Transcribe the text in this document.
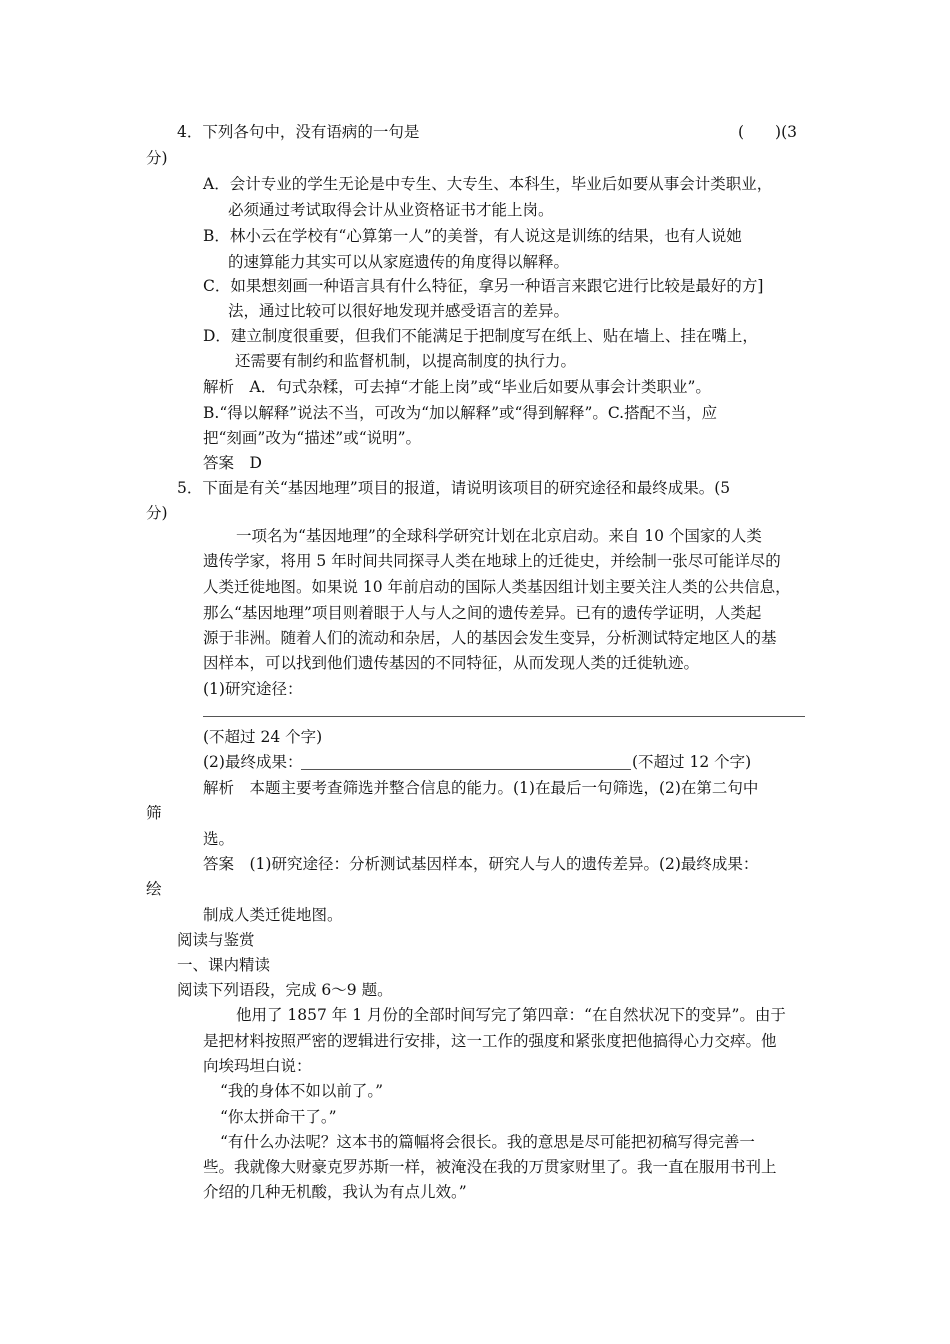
4．下列各句中，没有语病的一句是	(　　)(3
分)
A．会计专业的学生无论是中专生、大专生、本科生，毕业后如要从事会计类职业，
必须通过考试取得会计从业资格证书才能上岗。
B．林小云在学校有“心算第一人”的美誉，有人说这是训练的结果，也有人说她
的速算能力其实可以从家庭遗传的角度得以解释。
C．如果想刻画一种语言具有什么特征，拿另一种语言来跟它进行比较是最好的方]
法，通过比较可以很好地发现并感受语言的差异。
D．建立制度很重要，但我们不能满足于把制度写在纸上、贴在墙上、挂在嘴上，
还需要有制约和监督机制，以提高制度的执行力。
解析　A．句式杂糅，可去掉“才能上岗”或“毕业后如要从事会计类职业”。
B.“得以解释”说法不当，可改为“加以解释”或“得到解释”。C.搭配不当，应
把“刻画”改为“描述”或“说明”。
答案　D
5．下面是有关“基因地理”项目的报道，请说明该项目的研究途径和最终成果。(5
分)
一项名为“基因地理”的全球科学研究计划在北京启动。来自 10 个国家的人类
遗传学家，将用 5 年时间共同探寻人类在地球上的迁徙史，并绘制一张尽可能详尽的
人类迁徙地图。如果说 10 年前启动的国际人类基因组计划主要关注人类的公共信息，
那么“基因地理”项目则着眼于人与人之间的遗传差异。已有的遗传学证明，人类起
源于非洲。随着人们的流动和杂居，人的基因会发生变异，分析测试特定地区人的基
因样本，可以找到他们遗传基因的不同特征，从而发现人类的迁徙轨迹。
(1)研究途径：
(不超过 24 个字)
(2)最终成果：	(不超过 12 个字)
解析　本题主要考查筛选并整合信息的能力。(1)在最后一句筛选，(2)在第二句中
筛
选。
答案　(1)研究途径：分析测试基因样本，研究人与人的遗传差异。(2)最终成果：
绘
制成人类迁徙地图。
阅读与鉴赏
一、课内精读
阅读下列语段，完成 6～9 题。
他用了 1857 年 1 月份的全部时间写完了第四章：“在自然状况下的变异”。由于
是把材料按照严密的逻辑进行安排，这一工作的强度和紧张度把他搞得心力交瘁。他
向埃玛坦白说：
“我的身体不如以前了。”
“你太拼命干了。”
“有什么办法呢？这本书的篇幅将会很长。我的意思是尽可能把初稿写得完善一
些。我就像大财豪克罗苏斯一样，被淹没在我的万贯家财里了。我一直在服用书刊上
介绍的几种无机酸，我认为有点儿效。”
